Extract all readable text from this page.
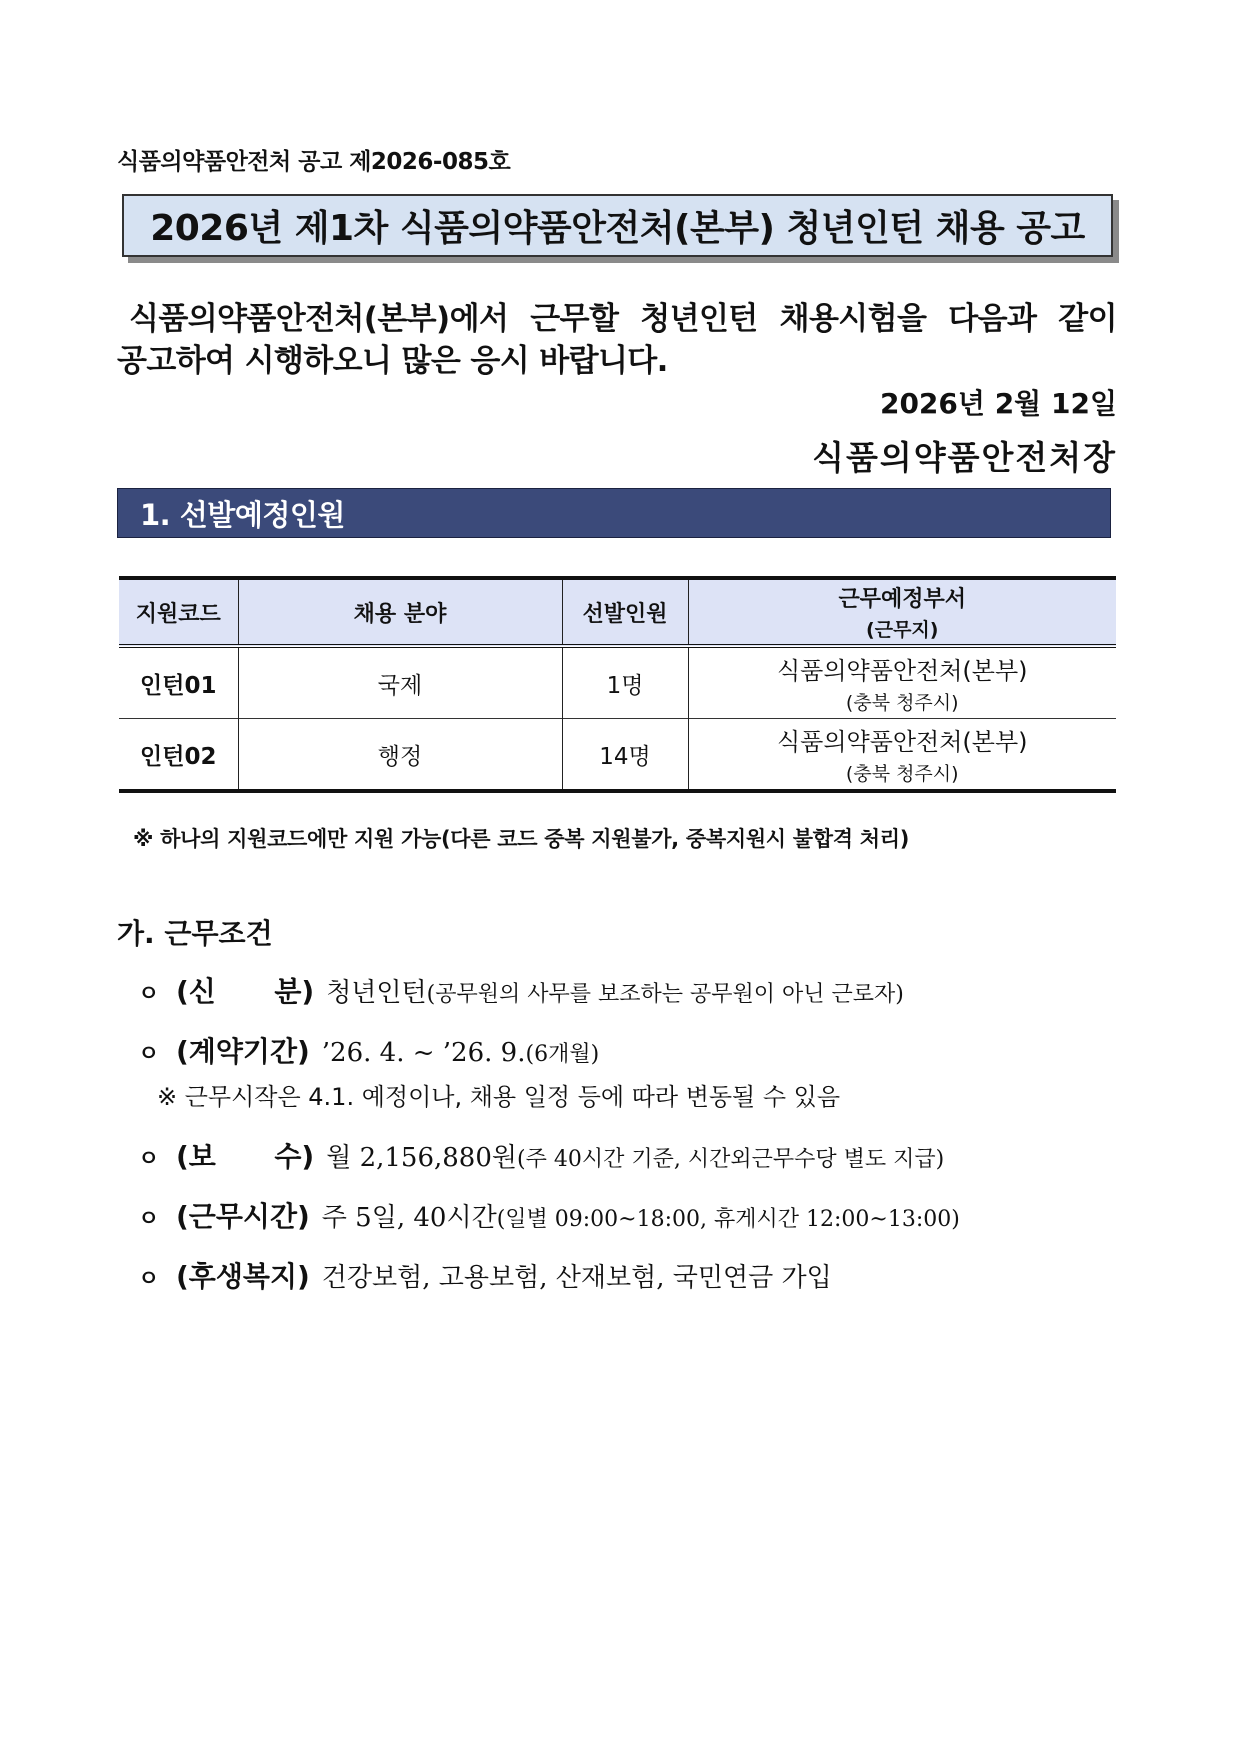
식품의약품안전처 공고 제2026-085호
2026년 제1차 식품의약품안전처(본부) 청년인턴 채용 공고

식품의약품안전처(본부)에서 근무할 청년인턴 채용시험을 다음과 같이

공고하여 시행하오니 많은 응시 바랍니다.

2026년 2월 12일
식품의약품안전처장
1. 선발예정인원
지원코드	채용 분야	선발인원	근무예정부서
(근무지)

인턴01	국제	1명	식품의약품안전처(본부)
(충북 청주시)

인턴02	행정	14명	식품의약품안전처(본부)
(충북 청주시)
※ 하나의 지원코드에만 지원 가능(다른 코드 중복 지원불가, 중복지원시 불합격 처리)
가. 근무조건
ㅇ (신      분) 청년인턴 (공무원의 사무를 보조하는 공무원이 아닌 근로자)
ㅇ (계약기간) ’26. 4. ~ ’26. 9. (6개월)
※ 근무시작은 4.1. 예정이나, 채용 일정 등에 따라 변동될 수 있음
ㅇ (보      수) 월 2,156,880원 (주 40시간 기준, 시간외근무수당 별도 지급)
ㅇ (근무시간) 주 5일, 40시간 (일별 09:00~18:00, 휴게시간 12:00~13:00)
ㅇ (후생복지) 건강보험, 고용보험, 산재보험, 국민연금 가입
